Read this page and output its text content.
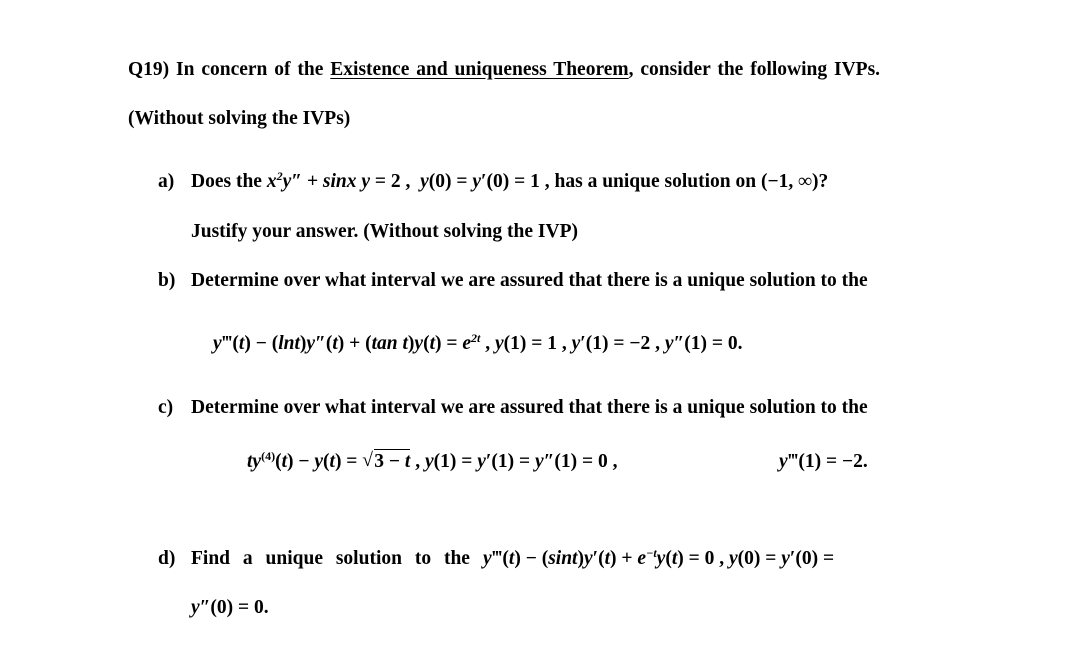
Q19) In concern of the Existence and uniqueness Theorem, consider the following IVPs.
(Without solving the IVPs)
a) Does the $x^2y'' + \sin x$ y = 2 ,  y(0) = y′(0) = 1 , has a unique solution on (−1, ∞)?
Justify your answer. (Without solving the IVP)
b) Determine over what interval we are assured that there is a unique solution to the
y‴(t) − (lnt)y″(t) + (tan $t)y(t) = e^{2t}$ , y(1) = 1 , y′(1) = −2 , y″(1) = 0.
c) Determine over what interval we are assured that there is a unique solution to the
$ty^{(4)}(t) - y(t)$ = √ 3 − t , y(1) = y′(1) = y″(1) = 0 ,	y‴(1) = −2.
d) Find a unique solution to the y‴(t) − $(\sin t)y'(t) + e^{-t}y(t) = 0$ , y(0) = y′(0) =
y″(0) = 0.
